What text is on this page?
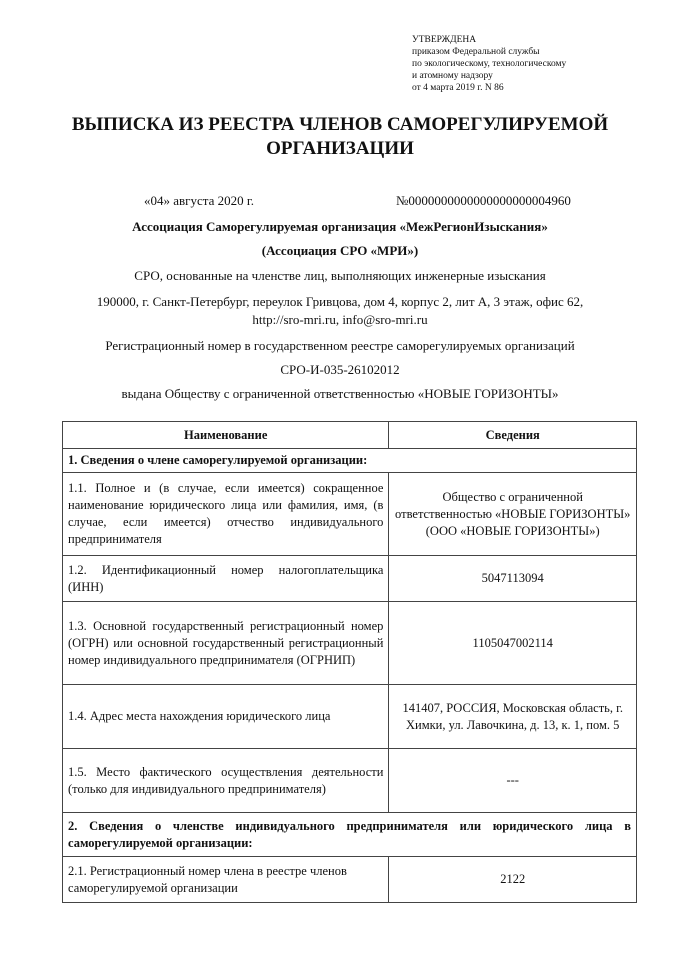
УТВЕРЖДЕНА
приказом Федеральной службы
по экологическому, технологическому
и атомному надзору
от 4 марта 2019 г. N 86
ВЫПИСКА ИЗ РЕЕСТРА ЧЛЕНОВ САМОРЕГУЛИРУЕМОЙ
ОРГАНИЗАЦИИ
«04» августа 2020 г.	№0000000000000000000004960
Ассоциация Саморегулируемая организация «МежРегионИзыскания»
(Ассоциация СРО «МРИ»)
СРО, основанные на членстве лиц, выполняющих инженерные изыскания
190000, г. Санкт-Петербург, переулок Гривцова, дом 4, корпус 2, лит А, 3 этаж, офис 62,
http://sro-mri.ru, info@sro-mri.ru
Регистрационный номер в государственном реестре саморегулируемых организаций
СРО-И-035-26102012
выдана Обществу с ограниченной ответственностью «НОВЫЕ ГОРИЗОНТЫ»
Наименование	Сведения
1. Сведения о члене саморегулируемой организации:	
1.1. Полное и (в случае, если имеется) сокращенное наименование юридического лица или фамилия, имя, (в случае, если имеется) отчество индивидуального предпринимателя	Общество с ограниченной ответственностью «НОВЫЕ ГОРИЗОНТЫ» (ООО «НОВЫЕ ГОРИЗОНТЫ»)
1.2. Идентификационный номер налогоплательщика (ИНН)	5047113094
1.3. Основной государственный регистрационный номер (ОГРН) или основной государственный регистрационный номер индивидуального предпринимателя (ОГРНИП)	1105047002114
1.4. Адрес места нахождения юридического лица	141407, РОССИЯ, Московская область, г. Химки, ул. Лавочкина, д. 13, к. 1, пом. 5
1.5. Место фактического осуществления деятельности (только для индивидуального предпринимателя)	---
2. Сведения о членстве индивидуального предпринимателя или юридического лица в саморегулируемой организации:	
2.1. Регистрационный номер члена в реестре членов саморегулируемой организации	2122
